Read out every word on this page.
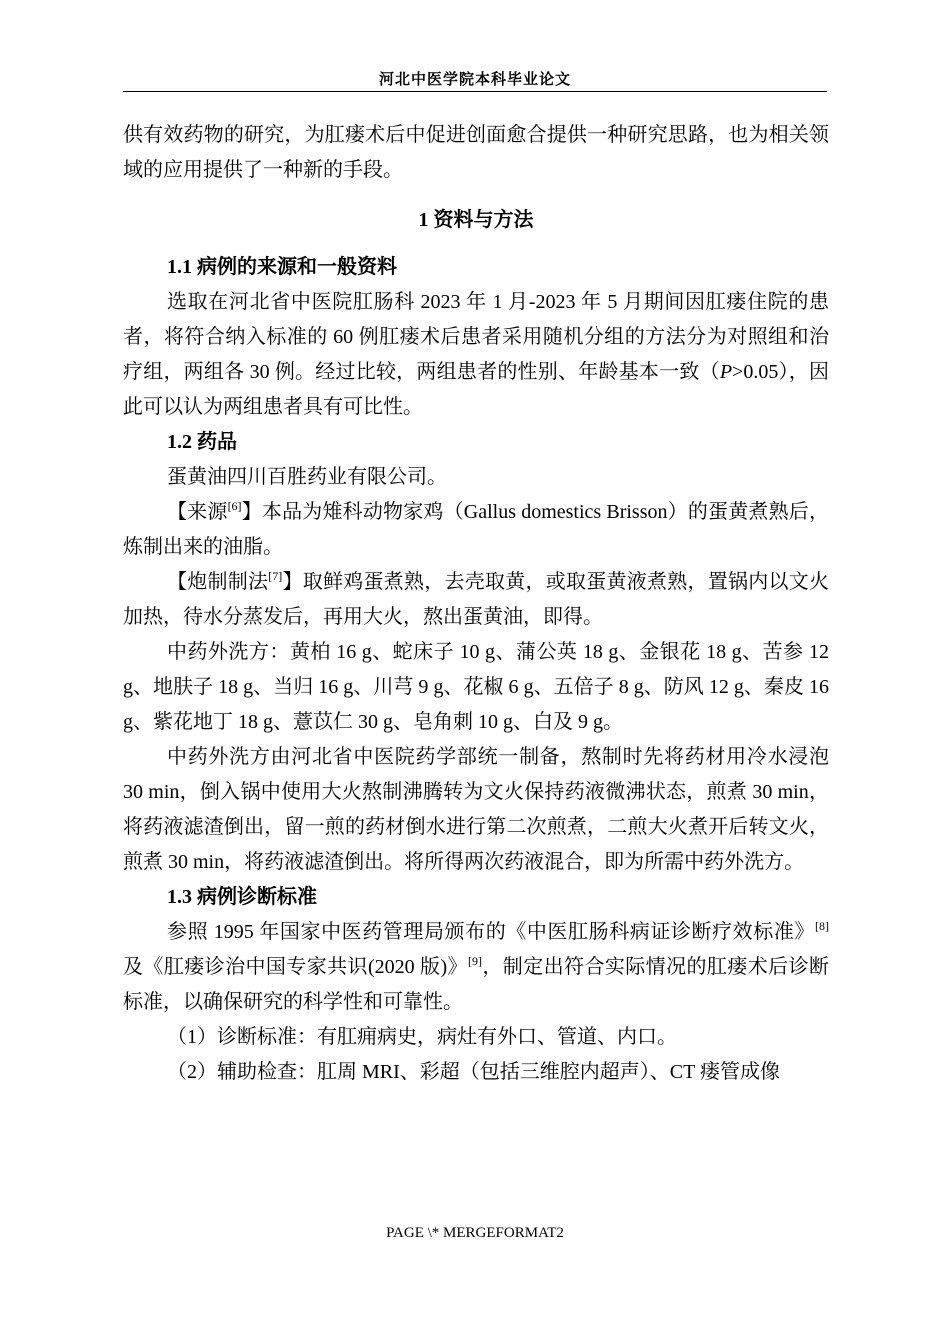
河北中医学院本科毕业论文

供有效药物的研究，为肛瘘术后中促进创面愈合提供一种研究思路，也为相关领域的应用提供了一种新的手段。

1 资料与方法

1.1 病例的来源和一般资料

选取在河北省中医院肛肠科 2023 年 1 月-2023 年 5 月期间因肛瘘住院的患者，将符合纳入标准的 60 例肛瘘术后患者采用随机分组的方法分为对照组和治疗组，两组各 30 例。经过比较，两组患者的性别、年龄基本一致（P>0.05），因此可以认为两组患者具有可比性。

1.2 药品

蛋黄油四川百胜药业有限公司。

【来源[6]】本品为雉科动物家鸡（Gallus domestics Brisson）的蛋黄煮熟后，炼制出来的油脂。

【炮制制法[7]】取鲜鸡蛋煮熟，去壳取黄，或取蛋黄液煮熟，置锅内以文火加热，待水分蒸发后，再用大火，熬出蛋黄油，即得。

中药外洗方：黄柏 16 g、蛇床子 10 g、蒲公英 18 g、金银花 18 g、苦参 12 g、地肤子 18 g、当归 16 g、川芎 9 g、花椒 6 g、五倍子 8 g、防风 12 g、秦皮 16 g、紫花地丁 18 g、薏苡仁 30 g、皂角刺 10 g、白及 9 g。

中药外洗方由河北省中医院药学部统一制备，熬制时先将药材用冷水浸泡 30 min，倒入锅中使用大火熬制沸腾转为文火保持药液微沸状态，煎煮 30 min，将药液滤渣倒出，留一煎的药材倒水进行第二次煎煮，二煎大火煮开后转文火，煎煮 30 min，将药液滤渣倒出。将所得两次药液混合，即为所需中药外洗方。

1.3 病例诊断标准

参照 1995 年国家中医药管理局颁布的《中医肛肠科病证诊断疗效标准》[8]及《肛瘘诊治中国专家共识(2020 版)》[9]，制定出符合实际情况的肛瘘术后诊断标准，以确保研究的科学性和可靠性。

（1）诊断标准：有肛痈病史，病灶有外口、管道、内口。

（2）辅助检查：肛周 MRI、彩超（包括三维腔内超声）、CT 瘘管成像

PAGE \* MERGEFORMAT2
